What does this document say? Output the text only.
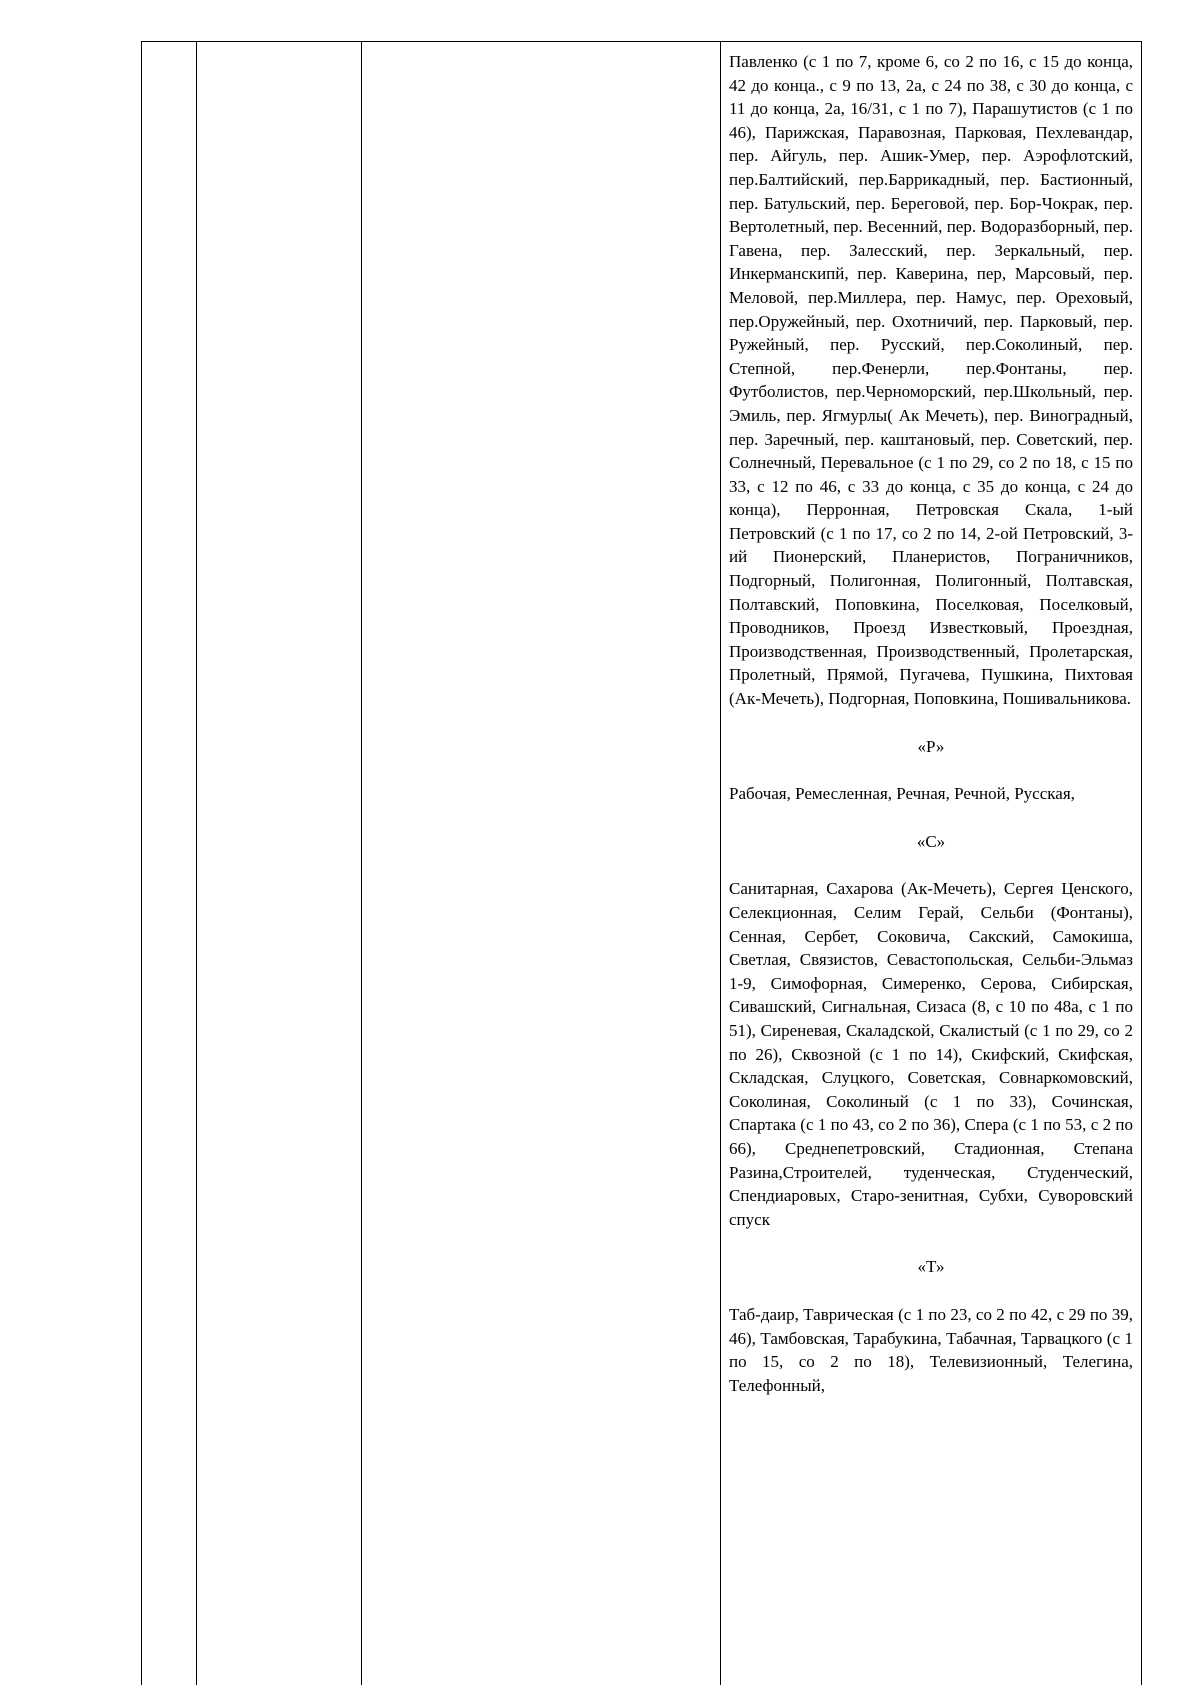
Павленко (с 1 по 7, кроме 6, со 2 по 16, с 15 до конца, 42 до конца., с 9 по 13, 2а, с 24 по 38, с 30 до конца, с 11 до конца, 2а, 16/31, с 1 по 7), Парашутистов (с 1 по 46), Парижская, Паравозная, Парковая, Пехлевандар, пер. Айгуль, пер. Ашик-Умер, пер. Аэрофлотский, пер.Балтийский, пер.Баррикадный, пер. Бастионный, пер. Батульский, пер. Береговой, пер. Бор-Чокрак, пер. Вертолетный, пер. Весенний, пер. Водоразборный, пер. Гавена, пер. Залесский, пер. Зеркальный, пер. Инкерманскипй, пер. Каверина, пер, Марсовый, пер. Меловой, пер.Миллера, пер. Намус, пер. Ореховый, пер.Оружейный, пер. Охотничий, пер. Парковый, пер. Ружейный, пер. Русский, пер.Соколиный, пер. Степной, пер.Фенерли, пер.Фонтаны, пер. Футболистов, пер.Черноморский, пер.Школьный, пер. Эмиль, пер. Ягмурлы( Ак Мечеть), пер. Виноградный, пер. Заречный, пер. каштановый, пер. Советский, пер. Солнечный, Перевальное (с 1 по 29, со 2 по 18, с 15 по 33, с 12 по 46, с 33 до конца, с 35 до конца, с 24 до конца), Перронная, Петровская Скала, 1-ый Петровский (с 1 по 17, со 2 по 14, 2-ой Петровский, 3-ий Пионерский, Планеристов, Пограничников, Подгорный, Полигонная, Полигонный, Полтавская, Полтавский, Поповкина, Поселковая, Поселковый, Проводников, Проезд Известковый, Проездная, Производственная, Производственный, Пролетарская, Пролетный, Прямой, Пугачева, Пушкина, Пихтовая (Ак-Мечеть), Подгорная, Поповкина, Пошивальникова.

«Р»

Рабочая, Ремесленная, Речная, Речной, Русская,

«С»

Санитарная, Сахарова (Ак-Мечеть), Сергея Ценского, Селекционная, Селим Герай, Сельби (Фонтаны), Сенная, Сербет, Соковича, Сакский, Самокиша, Светлая, Связистов, Севастопольская, Сельби-Эльмаз 1-9, Симофорная, Симеренко, Серова, Сибирская, Сивашский, Сигнальная, Сизаса (8, с 10 по 48а, с 1 по 51), Сиреневая, Скаладской, Скалистый (с 1 по 29, со 2 по 26), Сквозной (с 1 по 14), Скифский, Скифская, Складская, Слуцкого, Советская, Совнаркомовский, Соколиная, Соколиный (с 1 по 33), Сочинская, Спартака (с 1 по 43, со 2 по 36), Спера (с 1 по 53, с 2 по 66), Среднепетровский, Стадионная, Степана Разина,Строителей, туденческая, Студенческий, Спендиаровых, Старо-зенитная, Субхи, Суворовский спуск

«Т»

Таб-даир, Таврическая (с 1 по 23, со 2 по 42, с 29 по 39, 46), Тамбовская, Тарабукина, Табачная, Тарвацкого (с 1 по 15, со 2 по 18), Телевизионный, Телегина, Телефонный,
